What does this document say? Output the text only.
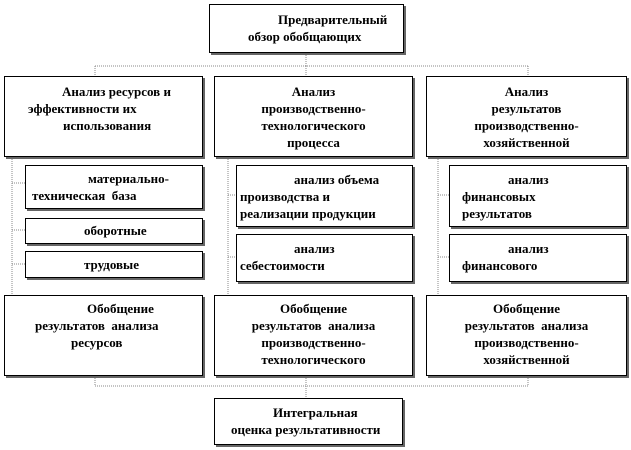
Предварительный
обзор обобщающих
Анализ ресурсов и
эффективности их
использования
Анализ
производственно-
технологического
процесса
Анализ
результатов
производственно-
хозяйственной
материально-
техническая  база
оборотные
трудовые
анализ объема
производства и
реализации продукции
анализ
себестоимости
анализ
финансовых
результатов
анализ
финансового
Обобщение
результатов  анализа
ресурсов
Обобщение
результатов  анализа
производственно-
технологического
Обобщение
результатов  анализа
производственно-
хозяйственной
Интегральная
оценка результативности
